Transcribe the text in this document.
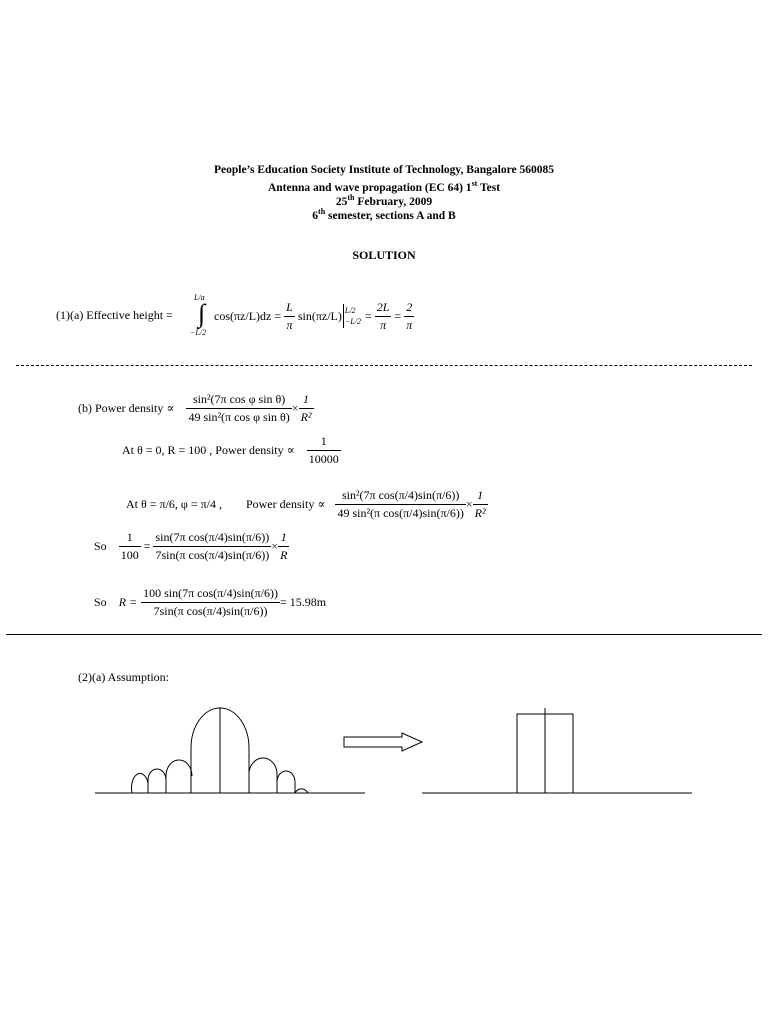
People’s Education Society Institute of Technology, Bangalore 560085
Antenna and wave propagation (EC 64) 1st Test
25th February, 2009
6th semester, sections A and B
SOLUTION
(1)(a) Effective height =
L/a
∫
−L/2
$\cos(\pi z/L)dz = \frac{L}{\pi} \sin(\pi z/L)$ L/2
$-L/2 = \frac{2L}{\pi} = \frac{2}{\pi}$
(b) Power density ∝ $\frac{\text{sin²(7π cos φ sin θ)}}{\text{49 sin²(π cos φ sin θ)}} \times \frac{1}{\text{R²}}$
At θ = 0, R = 100 , Power density ∝ $\frac{1}{10000}$
At θ = π/6, φ = π/4 , Power density ∝ $\frac{\text{sin²(7π cos(π/4)sin(π/6))}}{\text{49 sin²(π cos(π/4)sin(π/6))}} \times \frac{1}{\text{R²}}$
So $\frac{1}{100} = \frac{\text{sin(7π cos(π/4)sin(π/6))}}{\text{7sin(π cos(π/4)sin(π/6))}} \times \frac{1}{R}$
So $R = \frac{\text{100 sin(7π cos(π/4)sin(π/6))}}{\text{7sin(π cos(π/4)sin(π/6))}} = 15.98m$
(2)(a) Assumption:
